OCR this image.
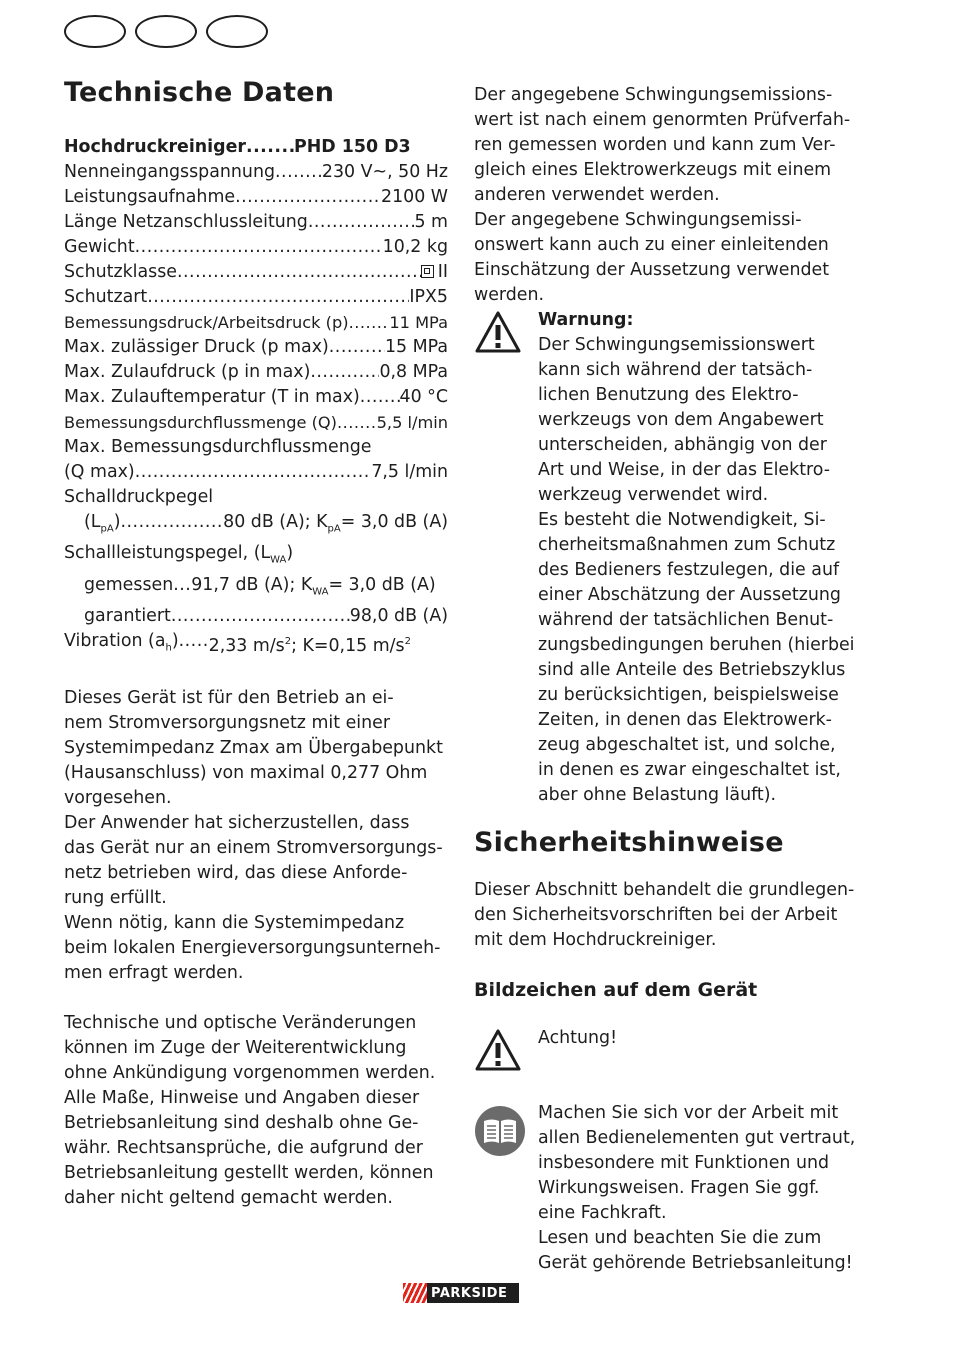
Technische Daten
Hochdruckreiniger .....	PHD 150 D3
Nenneingangsspannung .....	230 V~, 50 Hz
Leistungsaufnahme .....	2100 W
Länge Netzanschlussleitung .....	5 m
Gewicht .....	10,2 kg
Schutzklasse .....	II
Schutzart .....	IPX5
Bemessungsdruck/Arbeitsdruck (p) .....	11 MPa
Max. zulässiger Druck (p max) .....	15 MPa
Max. Zulaufdruck (p in max) .....	0,8 MPa
Max. Zulauftemperatur (T in max) ..... 40 °C
Bemessungsdurchflussmenge (Q) ..... 5,5 l/min
Max. Bemessungsdurchflussmenge
(Q max) .....	7,5 l/min
Schalldruckpegel
$(L_{pA})$ .....	80 dB (A); $K_{pA}= 3,0$ dB (A)
Schallleistungspegel, $(L_{WA})$
gemessen ..... 91,7 dB (A); $K_{WA}= 3,0$ dB (A)
garantiert .....	98,0 dB (A)
Vibration $(a_h)$ ..... 2,33 $m/s^2$; K=0,15 $m/s^2$
Dieses Gerät ist für den Betrieb an ei-
nem Stromversorgungsnetz mit einer
Systemimpedanz Zmax am Übergabepunkt
(Hausanschluss) von maximal 0,277 Ohm
vorgesehen.
Der Anwender hat sicherzustellen, dass
das Gerät nur an einem Stromversorgungs-
netz betrieben wird, das diese Anforde-
rung erfüllt.
Wenn nötig, kann die Systemimpedanz
beim lokalen Energieversorgungsunterneh-
men erfragt werden.
Technische und optische Veränderungen
können im Zuge der Weiterentwicklung
ohne Ankündigung vorgenommen werden.
Alle Maße, Hinweise und Angaben dieser
Betriebsanleitung sind deshalb ohne Ge-
währ. Rechtsansprüche, die aufgrund der
Betriebsanleitung gestellt werden, können
daher nicht geltend gemacht werden.
Der angegebene Schwingungsemissions-
wert ist nach einem genormten Prüfverfah-
ren gemessen worden und kann zum Ver-
gleich eines Elektrowerkzeugs mit einem
anderen verwendet werden.
Der angegebene Schwingungsemissi-
onswert kann auch zu einer einleitenden
Einschätzung der Aussetzung verwendet
werden.
Warnung:
Der Schwingungsemissionswert
kann sich während der tatsäch-
lichen Benutzung des Elektro-
werkzeugs von dem Angabewert
unterscheiden, abhängig von der
Art und Weise, in der das Elektro-
werkzeug verwendet wird.
Es besteht die Notwendigkeit, Si-
cherheitsmaßnahmen zum Schutz
des Bedieners festzulegen, die auf
einer Abschätzung der Aussetzung
während der tatsächlichen Benut-
zungsbedingungen beruhen (hierbei
sind alle Anteile des Betriebszyklus
zu berücksichtigen, beispielsweise
Zeiten, in denen das Elektrowerk-
zeug abgeschaltet ist, und solche,
in denen es zwar eingeschaltet ist,
aber ohne Belastung läuft).
Sicherheitshinweise
Dieser Abschnitt behandelt die grundlegen-
den Sicherheitsvorschriften bei der Arbeit
mit dem Hochdruckreiniger.
Bildzeichen auf dem Gerät
Achtung!
Machen Sie sich vor der Arbeit mit
allen Bedienelementen gut vertraut,
insbesondere mit Funktionen und
Wirkungsweisen. Fragen Sie ggf.
eine Fachkraft.
Lesen und beachten Sie die zum
Gerät gehörende Betriebsanleitung!
PARKSIDE
